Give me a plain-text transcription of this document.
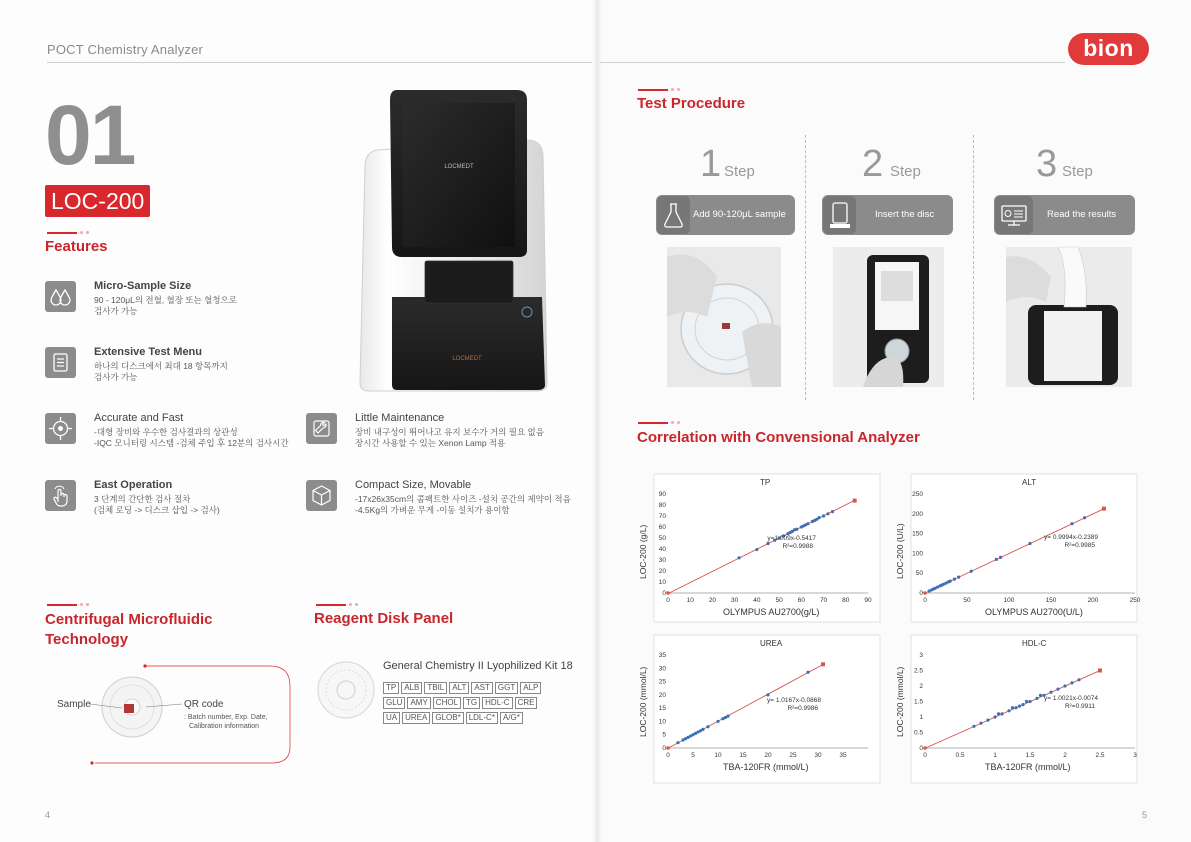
POCT Chemistry Analyzer	bion
01
LOC-200
Features
Micro-Sample Size
90 - 120μL의 전혈, 혈장 또는 혈청으로
검사가 가능
Extensive Test Menu
하나의 디스크에서 최대 18 항목까지
검사가 가능
Accurate and Fast
-대형 장비와 우수한 검사결과의 상관성
-IQC 모니터링 시스템 -검체 주입 후 12분의 검사시간
East Operation
3 단계의 간단한 검사 절차
(검체 로딩 -> 디스크 삽입 -> 검사)
Little Maintenance
장비 내구성이 뛰어나고 유지 보수가 거의 필요 없음
장시간 사용할 수 있는 Xenon Lamp 적용
Compact Size, Movable
-17x26x35cm의 콤팩트한 사이즈 -설치 공간의 제약이 적음
-4.5Kg의 가벼운 무게 -이동 설치가 용이함
LOCMEDT
LOCMEDT
Centrifugal Microfluidic
Technology
Sample	QR code
: Batch number, Exp. Date,
Calibration information
Reagent Disk Panel
General Chemistry II Lyophilized Kit 18
TP	ALB	TBIL	ALT	AST	GGT	ALP
GLU	AMY	CHOL	TG	HDL-C	CRE
UA	UREA	GLOB*	LDL-C*	A/G*
4
Test Procedure
1 Step	2 Step	3 Step
Add 90-120μL sample	Insert the disc	Read the results
Correlation with Convensional Analyzer
0	10 20 30 40 50 60 70 80 90
0
10
20
30
40
50
60
70
80
90
TP
y=1.009x-0.5417
R²=0.9988
LOC-200 (g/L)
OLYMPUS AU2700(g/L)
0	50	100	150	200	250
0
50
100
150
200
250
ALT
y= 0.9994x-0.2389
R²=0.9985
LOC-200 (U/L)
OLYMPUS AU2700(U/L)
0	5	10	15	20	25	30	35
0
5
10
15
20
25
30
35
UREA
y= 1.0167x-0.0868
R²=0.9986
LOC-200 (mmol/L)
TBA-120FR (mmol/L)
0	0.5	1	1.5	2	2.5	3
0
0.5
1
1.5
2
2.5
3
HDL-C
y= 1.0021x-0.0074
R²=0.9911
LOC-200 (mmol/L)
TBA-120FR (mmol/L)
5
